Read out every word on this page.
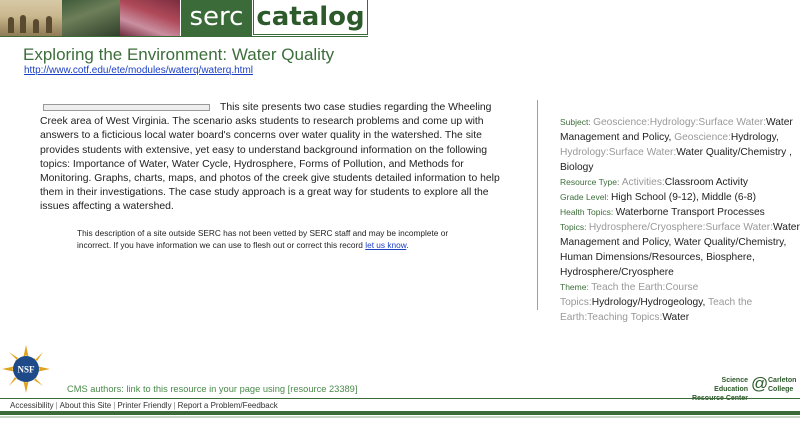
serc catalog
Exploring the Environment: Water Quality
http://www.cotf.edu/ete/modules/waterq/waterq.html
This site presents two case studies regarding the Wheeling Creek area of West Virginia. The scenario asks students to research problems and come up with answers to a ficticious local water board's concerns over water quality in the watershed. The site provides students with extensive, yet easy to understand background information on the following topics: Importance of Water, Water Cycle, Hydrosphere, Forms of Pollution, and Methods for Monitoring. Graphs, charts, maps, and photos of the creek give students detailed information to help them in their investigations. The case study approach is a great way for students to explore all the issues affecting a watershed.
This description of a site outside SERC has not been vetted by SERC staff and may be incomplete or incorrect. If you have information we can use to flesh out or correct this record let us know.
Subject: Geoscience:Hydrology:Surface Water:Water Management and Policy, Geoscience:Hydrology, Hydrology:Surface Water:Water Quality/Chemistry , Biology
Resource Type: Activities:Classroom Activity
Grade Level: High School (9-12), Middle (6-8)
Health Topics: Waterborne Transport Processes
Topics: Hydrosphere/Cryosphere:Surface Water:Water Management and Policy, Water Quality/Chemistry, Human Dimensions/Resources, Biosphere, Hydrosphere/Cryosphere
Theme: Teach the Earth:Course Topics:Hydrology/Hydrogeology, Teach the Earth:Teaching Topics:Water
NSF
CMS authors: link to this resource in your page using [resource 23389]
Science Education @ Carleton
College
Accessibility | About this Site | Printer Friendly | Report a Problem/Feedback
